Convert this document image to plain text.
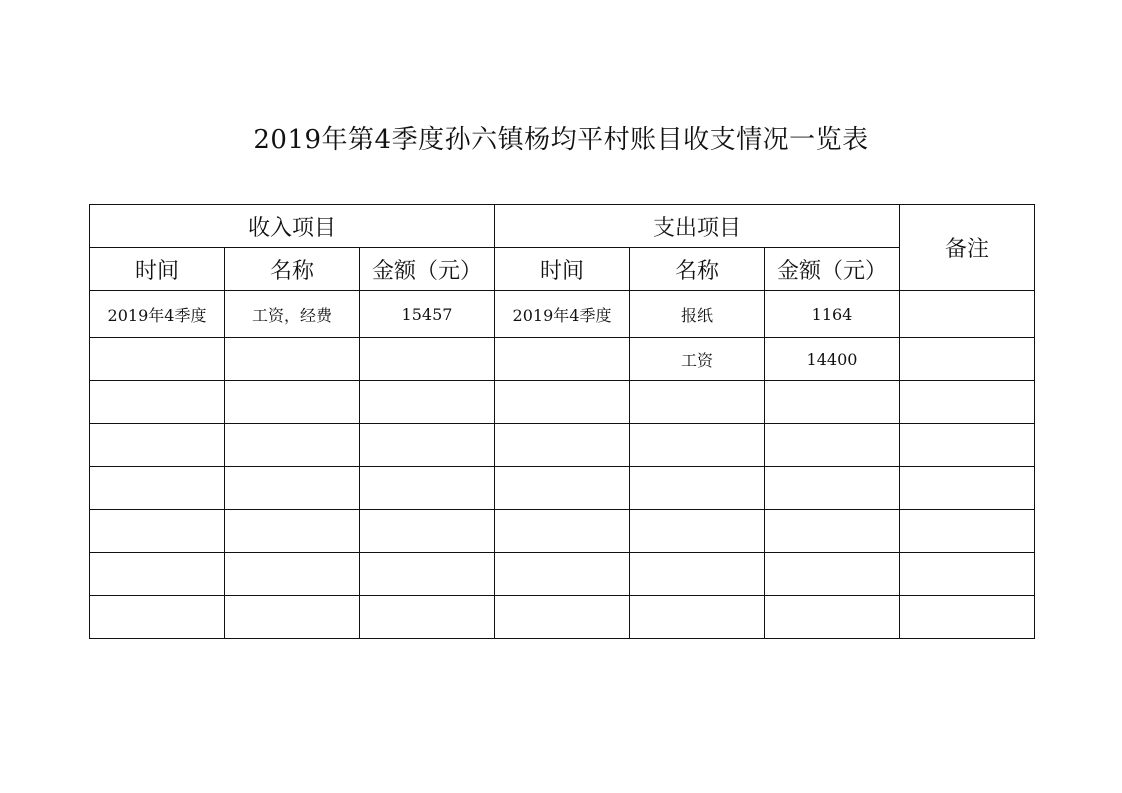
2019年第4季度孙六镇杨均平村账目收支情况一览表
收入项目			支出项目			备注
时间	名称	金额（元）	时间	名称	金额（元）	
2019年4季度	工资，经费	15457	2019年4季度	报纸	1164	
				工资	14400	
